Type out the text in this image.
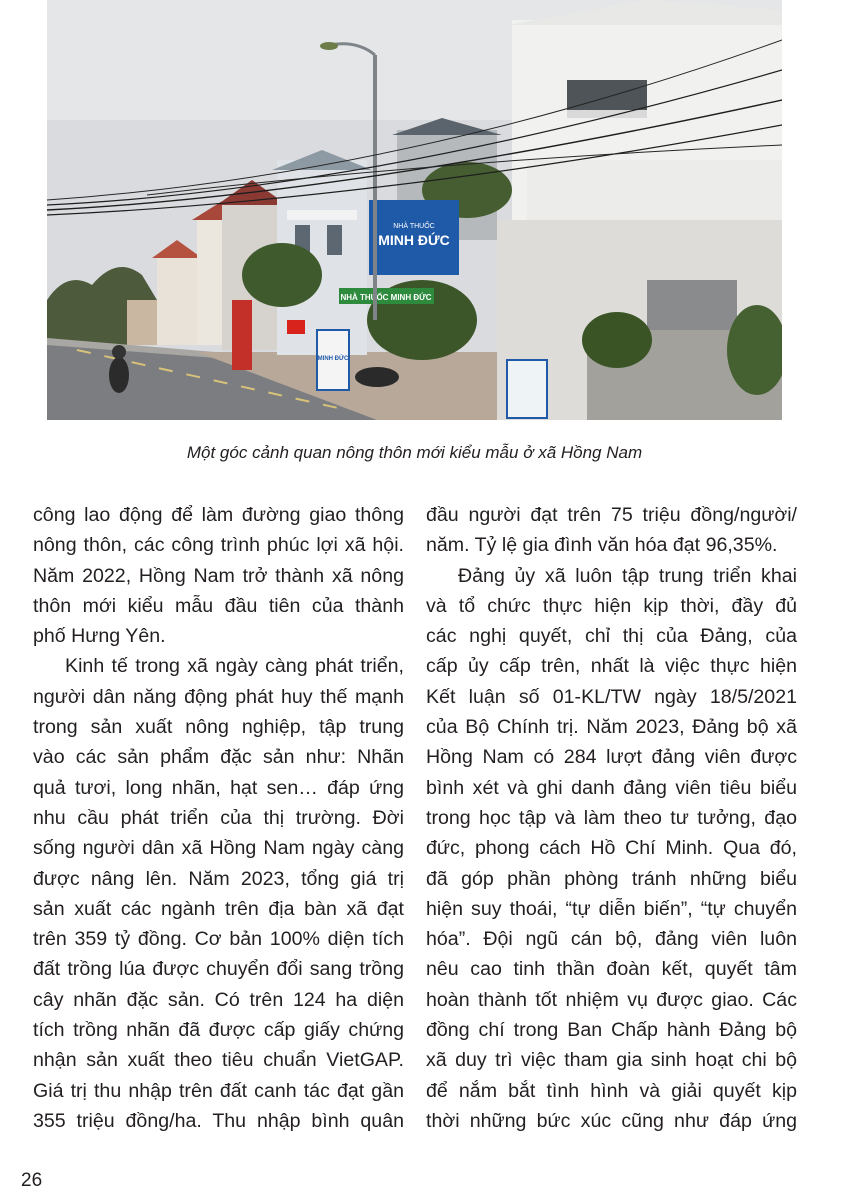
NHÀ THUỐC
MINH ĐỨC
NHÀ THUỐC MINH ĐỨC
MINH ĐỨC
Một góc cảnh quan nông thôn mới kiểu mẫu ở xã Hồng Nam

công lao động để làm đường giao thông

nông thôn, các công trình phúc lợi xã hội.

Năm 2022, Hồng Nam trở thành xã nông

thôn mới kiểu mẫu đầu tiên của thành

phố Hưng Yên.

Kinh tế trong xã ngày càng phát triển,

người dân năng động phát huy thế mạnh

trong sản xuất nông nghiệp, tập trung

vào các sản phẩm đặc sản như: Nhãn

quả tươi, long nhãn, hạt sen… đáp ứng

nhu cầu phát triển của thị trường. Đời

sống người dân xã Hồng Nam ngày càng

được nâng lên. Năm 2023, tổng giá trị

sản xuất các ngành trên địa bàn xã đạt

trên 359 tỷ đồng. Cơ bản 100% diện tích

đất trồng lúa được chuyển đổi sang trồng

cây nhãn đặc sản. Có trên 124 ha diện

tích trồng nhãn đã được cấp giấy chứng

nhận sản xuất theo tiêu chuẩn VietGAP.

Giá trị thu nhập trên đất canh tác đạt gần

355 triệu đồng/ha. Thu nhập bình quân

đầu người đạt trên 75 triệu đồng/người/

năm. Tỷ lệ gia đình văn hóa đạt 96,35%.

Đảng ủy xã luôn tập trung triển khai

và tổ chức thực hiện kịp thời, đầy đủ

các nghị quyết, chỉ thị của Đảng, của

cấp ủy cấp trên, nhất là việc thực hiện

Kết luận số 01-KL/TW ngày 18/5/2021

của Bộ Chính trị. Năm 2023, Đảng bộ xã

Hồng Nam có 284 lượt đảng viên được

bình xét và ghi danh đảng viên tiêu biểu

trong học tập và làm theo tư tưởng, đạo

đức, phong cách Hồ Chí Minh. Qua đó,

đã góp phần phòng tránh những biểu

hiện suy thoái, “tự diễn biến”, “tự chuyển

hóa”. Đội ngũ cán bộ, đảng viên luôn

nêu cao tinh thần đoàn kết, quyết tâm

hoàn thành tốt nhiệm vụ được giao. Các

đồng chí trong Ban Chấp hành Đảng bộ

xã duy trì việc tham gia sinh hoạt chi bộ

để nắm bắt tình hình và giải quyết kịp

thời những bức xúc cũng như đáp ứng

26
